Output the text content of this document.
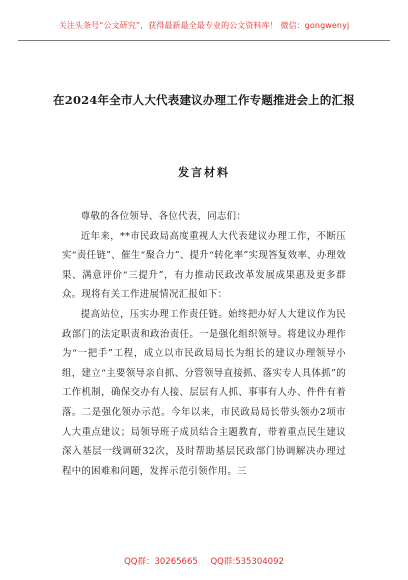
关注头条号“公文研究”，获得最新最全最专业的公文资料库！ 微信：gongwenyj
在2024年全市人大代表建议办理工作专题推进会上的汇报
发言材料

尊敬的各位领导、各位代表，同志们：

近年来，**市民政局高度重视人大代表建议办理工作，不断压实“责任链”、催生“聚合力”、提升“转化率”实现答复效率、办理效果、满意评价“三提升”，有力推动民政改革发展成果惠及更多群众。现将有关工作进展情况汇报如下：

提高站位，压实办理工作责任链。始终把办好人大建议作为民政部门的法定职责和政治责任。一是强化组织领导。将建议办理作为“一把手”工程，成立以市民政局局长为组长的建议办理领导小组，建立“主要领导亲自抓、分管领导直接抓、落实专人具体抓”的工作机制，确保交办有人接、层层有人抓、事事有人办、件件有着落。二是强化领办示范。今年以来，市民政局局长带头领办2项市人大重点建议；局领导班子成员结合主题教育，带着重点民生建议深入基层一线调研32次，及时帮助基层民政部门协调解决办理过程中的困难和问题，发挥示范引领作用。三

QQ群：30265665 QQ群:535304092
